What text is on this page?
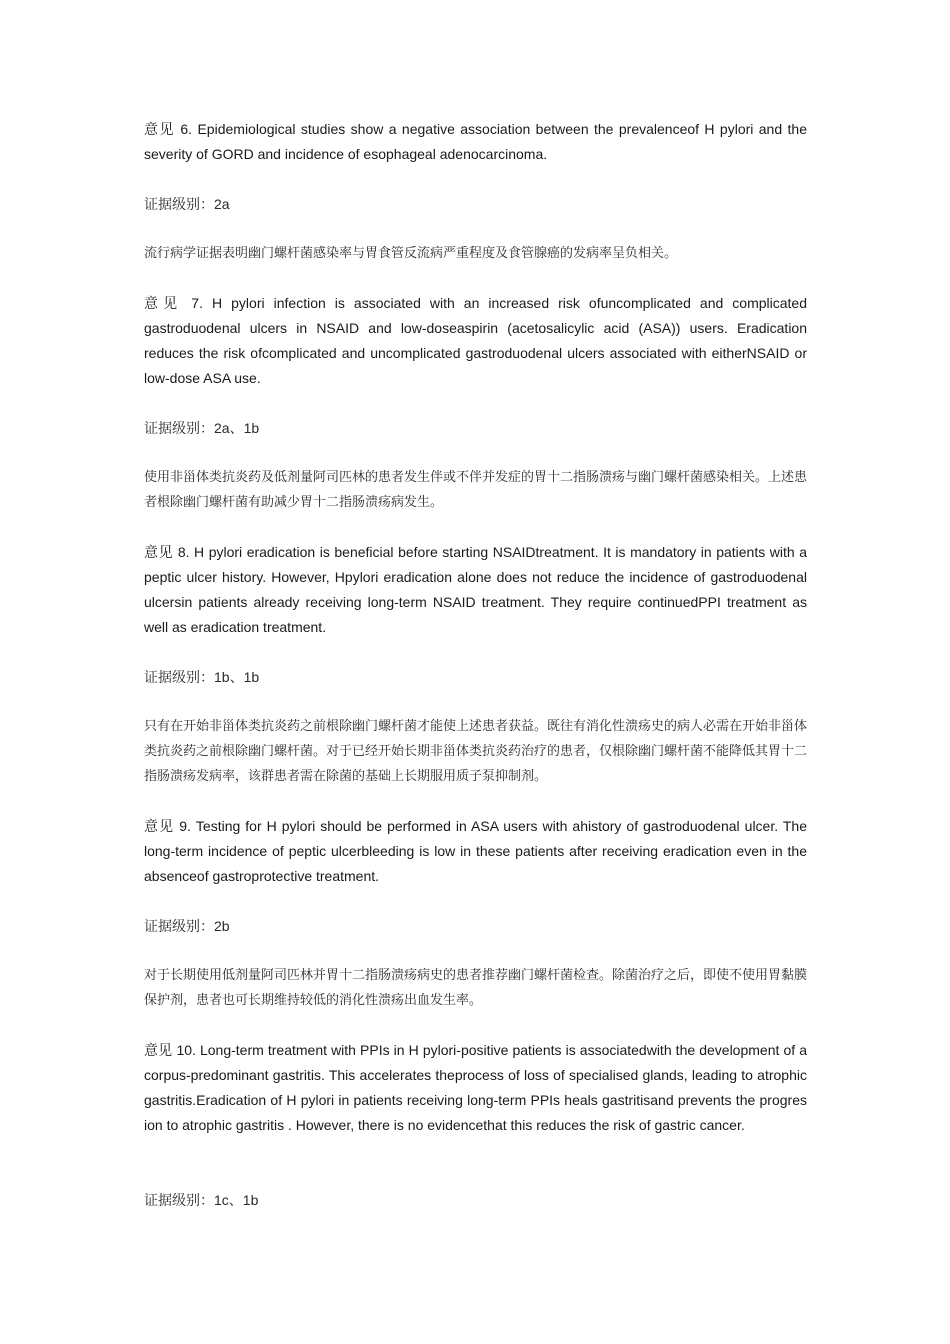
意见 6. Epidemiological studies show a negative association between the prevalenceof H pylori and the severity of GORD and incidence of esophageal adenocarcinoma.

证据级别：2a

流行病学证据表明幽门螺杆菌感染率与胃食管反流病严重程度及食管腺癌的发病率呈负相关。

意见 7. H pylori infection is associated with an increased risk ofuncomplicated and complicated gastroduodenal ulcers in NSAID and low-doseaspirin (acetosalicylic acid (ASA)) users. Eradication reduces the risk ofcomplicated and uncomplicated gastroduodenal ulcers associated with eitherNSAID or low-dose ASA use.

证据级别：2a、1b

使用非甾体类抗炎药及低剂量阿司匹林的患者发生伴或不伴并发症的胃十二指肠溃疡与幽门螺杆菌感染相关。上述患者根除幽门螺杆菌有助减少胃十二指肠溃疡病发生。

意见 8. H pylori eradication is beneficial before starting NSAIDtreatment. It is mandatory in patients with a peptic ulcer history. However, Hpylori eradication alone does not reduce the incidence of gastroduodenal ulcersin patients already receiving long-term NSAID treatment. They require continuedPPI treatment as well as eradication treatment.

证据级别：1b、1b

只有在开始非甾体类抗炎药之前根除幽门螺杆菌才能使上述患者获益。既往有消化性溃疡史的病人必需在开始非甾体类抗炎药之前根除幽门螺杆菌。对于已经开始长期非甾体类抗炎药治疗的患者，仅根除幽门螺杆菌不能降低其胃十二指肠溃疡发病率，该群患者需在除菌的基础上长期服用质子泵抑制剂。

意见 9. Testing for H pylori should be performed in ASA users with ahistory of gastroduodenal ulcer. The long-term incidence of peptic ulcerbleeding is low in these patients after receiving eradication even in the absenceof gastroprotective treatment.

证据级别：2b

对于长期使用低剂量阿司匹林并胃十二指肠溃疡病史的患者推荐幽门螺杆菌检查。除菌治疗之后，即使不使用胃黏膜保护剂，患者也可长期维持较低的消化性溃疡出血发生率。

意见 10. Long-term treatment with PPIs in H pylori-positive patients is associatedwith the development of a corpus-predominant gastritis. This accelerates theprocess of loss of specialised glands, leading to atrophic gastritis.Eradication of H pylori in patients receiving long-term PPIs heals gastritisand prevents the progres ion to atrophic gastritis . However, there is no evidencethat this reduces the risk of gastric cancer.

证据级别：1c、1b
